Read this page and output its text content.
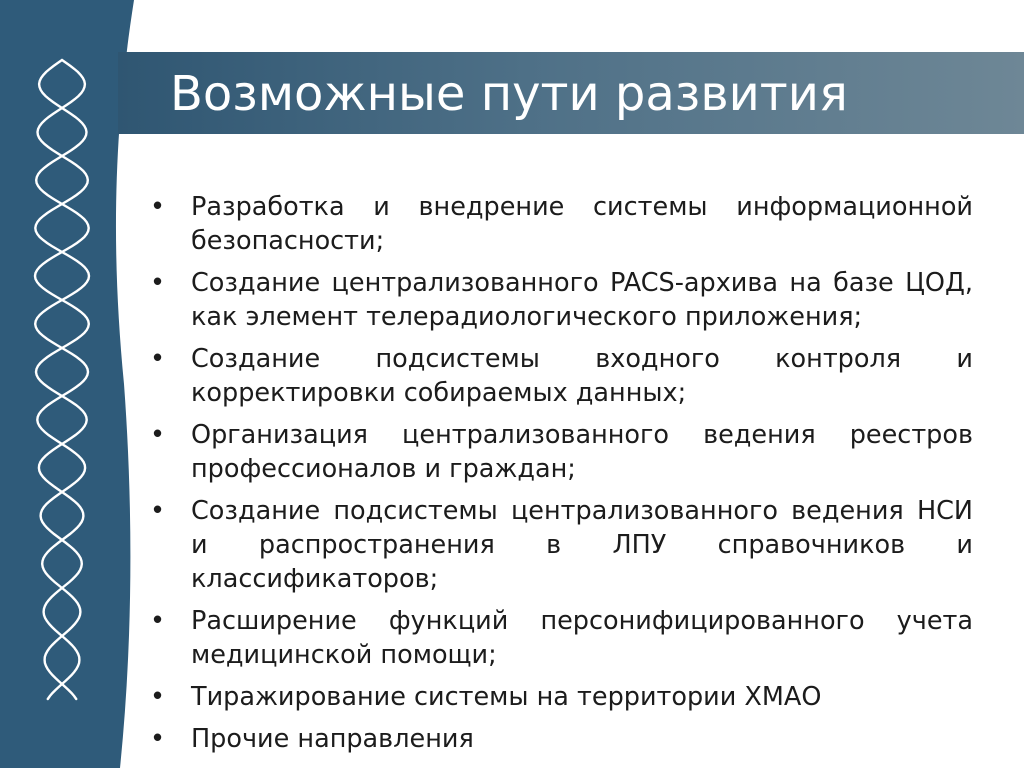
Возможные пути развития
• Разработка и внедрение системы информационной безопасности;
• Создание централизованного PACS-архива на базе ЦОД, как элемент телерадиологического приложения;
• Создание подсистемы входного контроля и корректировки собираемых данных;
• Организация централизованного ведения реестров профессионалов и граждан;
• Создание подсистемы централизованного ведения НСИ и распространения в ЛПУ справочников и классификаторов;
• Расширение функций персонифицированного учета медицинской помощи;
• Тиражирование системы на территории ХМАО
• Прочие направления
